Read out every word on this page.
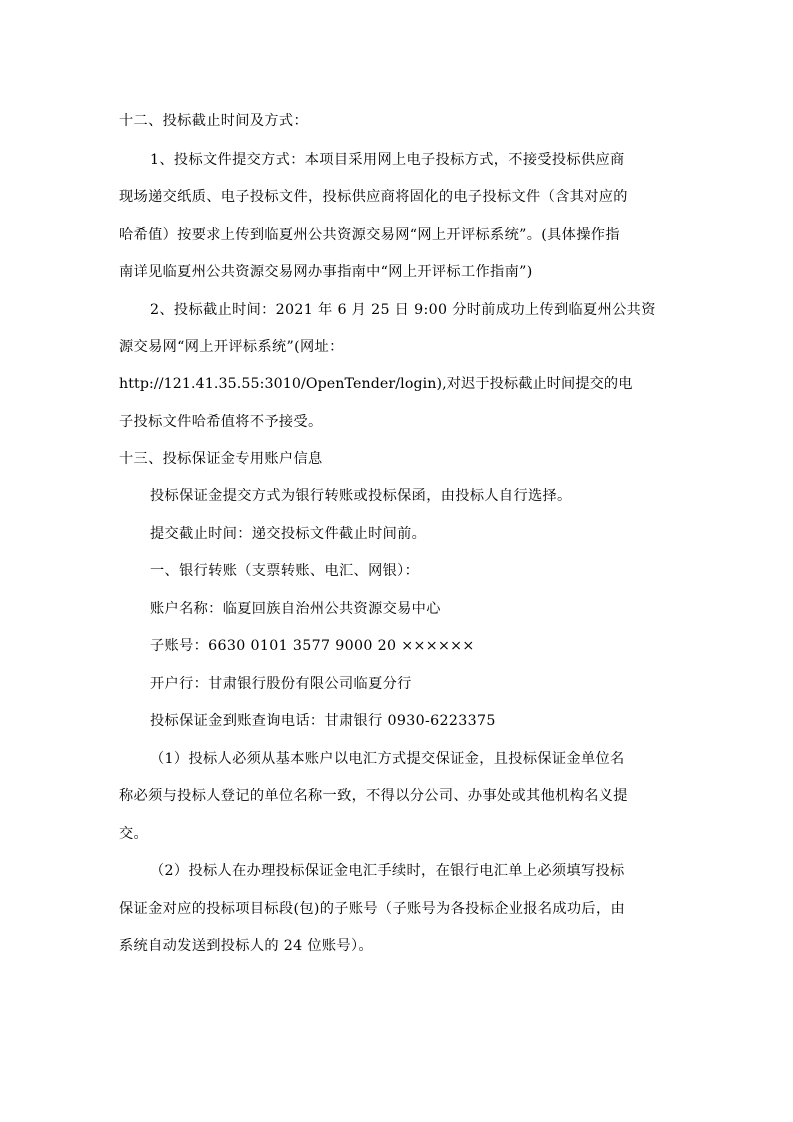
十二、投标截止时间及方式：
1、投标文件提交方式：本项目采用网上电子投标方式，不接受投标供应商
现场递交纸质、电子投标文件，投标供应商将固化的电子投标文件（含其对应的
哈希值）按要求上传到临夏州公共资源交易网“网上开评标系统”。(具体操作指
南详见临夏州公共资源交易网办事指南中“网上开评标工作指南”)
2、投标截止时间：2021 年 6 月 25 日 9:00 分时前成功上传到临夏州公共资
源交易网“网上开评标系统”(网址：
http://121.41.35.55:3010/OpenTender/login),对迟于投标截止时间提交的电
子投标文件哈希值将不予接受。
十三、投标保证金专用账户信息
投标保证金提交方式为银行转账或投标保函，由投标人自行选择。
提交截止时间：递交投标文件截止时间前。
一、银行转账（支票转账、电汇、网银）：
账户名称：临夏回族自治州公共资源交易中心
子账号：6630 0101 3577 9000 20 ××××××
开户行：甘肃银行股份有限公司临夏分行
投标保证金到账查询电话：甘肃银行 0930-6223375
（1）投标人必须从基本账户以电汇方式提交保证金，且投标保证金单位名
称必须与投标人登记的单位名称一致，不得以分公司、办事处或其他机构名义提
交。
（2）投标人在办理投标保证金电汇手续时，在银行电汇单上必须填写投标
保证金对应的投标项目标段(包)的子账号（子账号为各投标企业报名成功后，由
系统自动发送到投标人的 24 位账号）。
